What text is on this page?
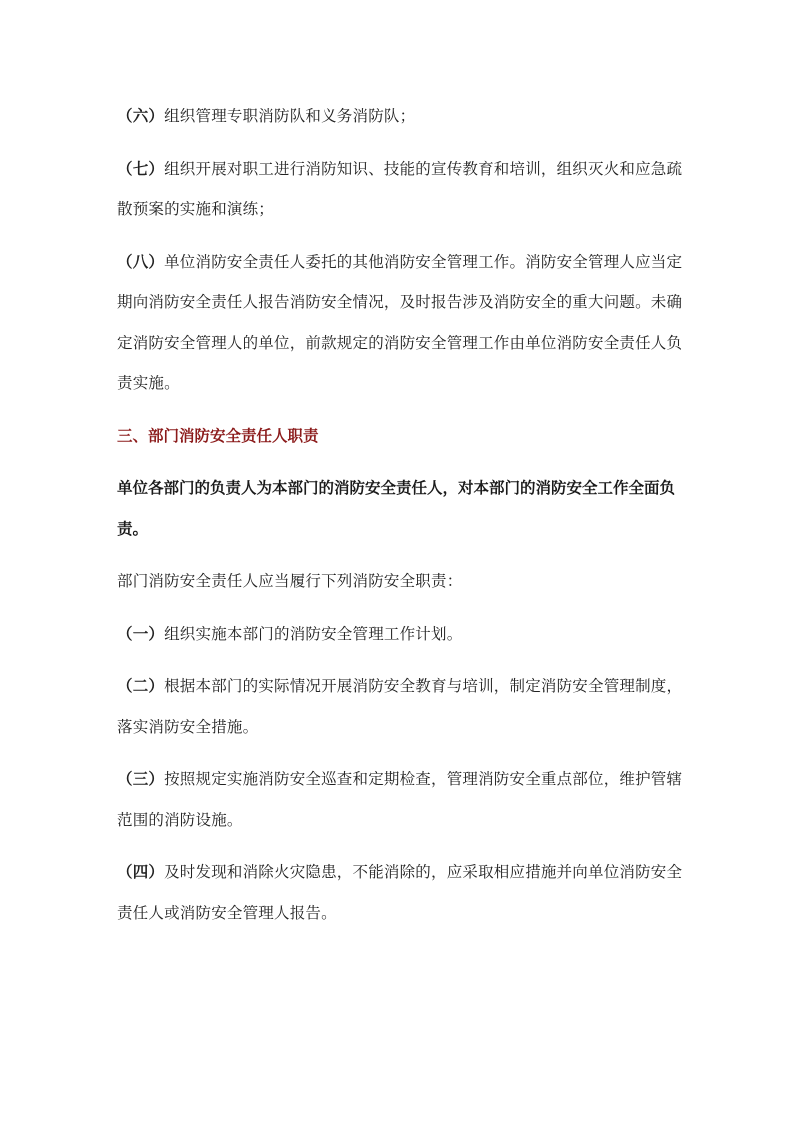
（六）组织管理专职消防队和义务消防队；

（七）组织开展对职工进行消防知识、技能的宣传教育和培训，组织灭火和应急疏散预案的实施和演练；

（八）单位消防安全责任人委托的其他消防安全管理工作。消防安全管理人应当定期向消防安全责任人报告消防安全情况，及时报告涉及消防安全的重大问题。未确定消防安全管理人的单位，前款规定的消防安全管理工作由单位消防安全责任人负责实施。

三、部门消防安全责任人职责

单位各部门的负责人为本部门的消防安全责任人，对本部门的消防安全工作全面负责。

部门消防安全责任人应当履行下列消防安全职责：

（一）组织实施本部门的消防安全管理工作计划。

（二）根据本部门的实际情况开展消防安全教育与培训，制定消防安全管理制度，落实消防安全措施。

（三）按照规定实施消防安全巡查和定期检查，管理消防安全重点部位，维护管辖范围的消防设施。

（四）及时发现和消除火灾隐患，不能消除的，应采取相应措施并向单位消防安全责任人或消防安全管理人报告。
